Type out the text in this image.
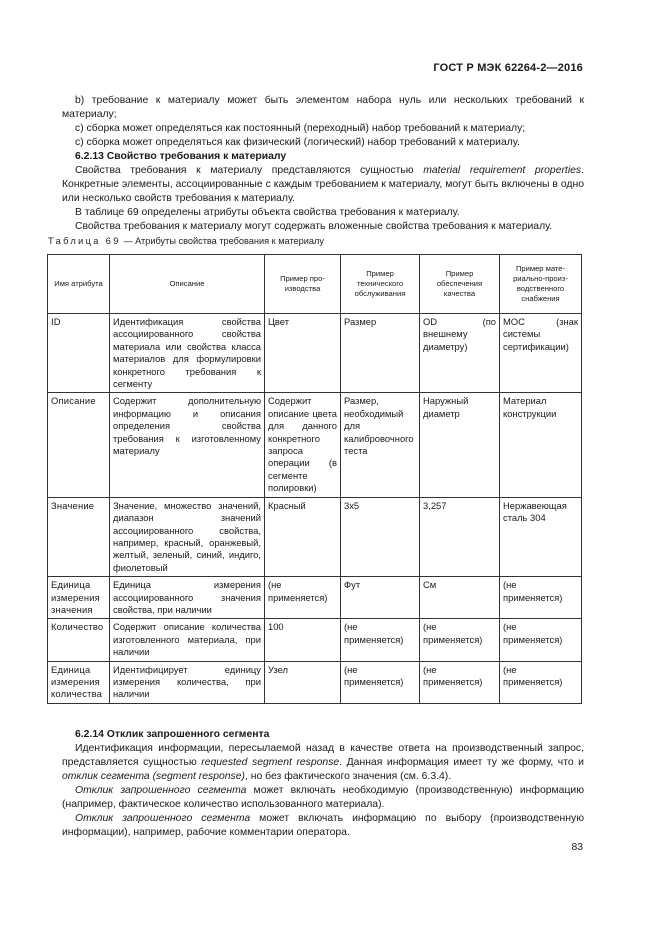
ГОСТ Р МЭК 62264-2—2016

b) требование к материалу может быть элементом набора нуль или нескольких требований к материалу;

c) сборка может определяться как постоянный (переходный) набор требований к материалу;

с) сборка может определяться как физический (логический) набор требований к материалу.

6.2.13 Свойство требования к материалу

Свойства требования к материалу представляются сущностью material requirement properties. Конкретные элементы, ассоциированные с каждым требованием к материалу, могут быть включены в одно или несколько свойств требования к материалу.

В таблице 69 определены атрибуты объекта свойства требования к материалу.

Свойства требования к материалу могут содержать вложенные свойства требования к материалу.

Таблица 69 — Атрибуты свойства требования к материалу
Имя атрибута	Описание	Пример про-изводства	Пример технического обслуживания	Пример обеспечения качества	Пример мате-риально-произ-водственного снабжения
ID	Идентификация свойства ассоциированного свойства материала или свойства класса материалов для формулировки конкретного требования к сегменту	Цвет	Размер	OD (по внешнему диаметру)	MOC (знак системы сертификации)
Описание	Содержит дополнительную информацию и описания определения свойства требования к изготовленному материалу	Содержит описание цвета для данного конкретного запроса операции (в сегменте полировки)	Размер, необходимый для калибровочного теста	Наружный диаметр	Материал конструкции
Значение	Значение, множество значений, диапазон значений ассоциированного свойства, например, красный, оранжевый, желтый, зеленый, синий, индиго, фиолетовый	Красный	3x5	3,257	Нержавеющая сталь 304
Единица измерения значения	Единица измерения ассоциированного значения свойства, при наличии	(не применяется)	Фут	См	(не применяется)
Количество	Содержит описание количества изготовленного материала, при наличии	100	(не применяется)	(не применяется)	(не применяется)
Единица измерения количества	Идентифицирует единицу измерения количества, при наличии	Узел	(не применяется)	(не применяется)	(не применяется)

6.2.14 Отклик запрошенного сегмента

Идентификация информации, пересылаемой назад в качестве ответа на производственный запрос, представляется сущностью requested segment response. Данная информация имеет ту же форму, что и отклик сегмента (segment response), но без фактического значения (см. 6.3.4).

Отклик запрошенного сегмента может включать необходимую (производственную) информацию (например, фактическое количество использованного материала).

Отклик запрошенного сегмента может включать информацию по выбору (производственную информации), например, рабочие комментарии оператора.

83
